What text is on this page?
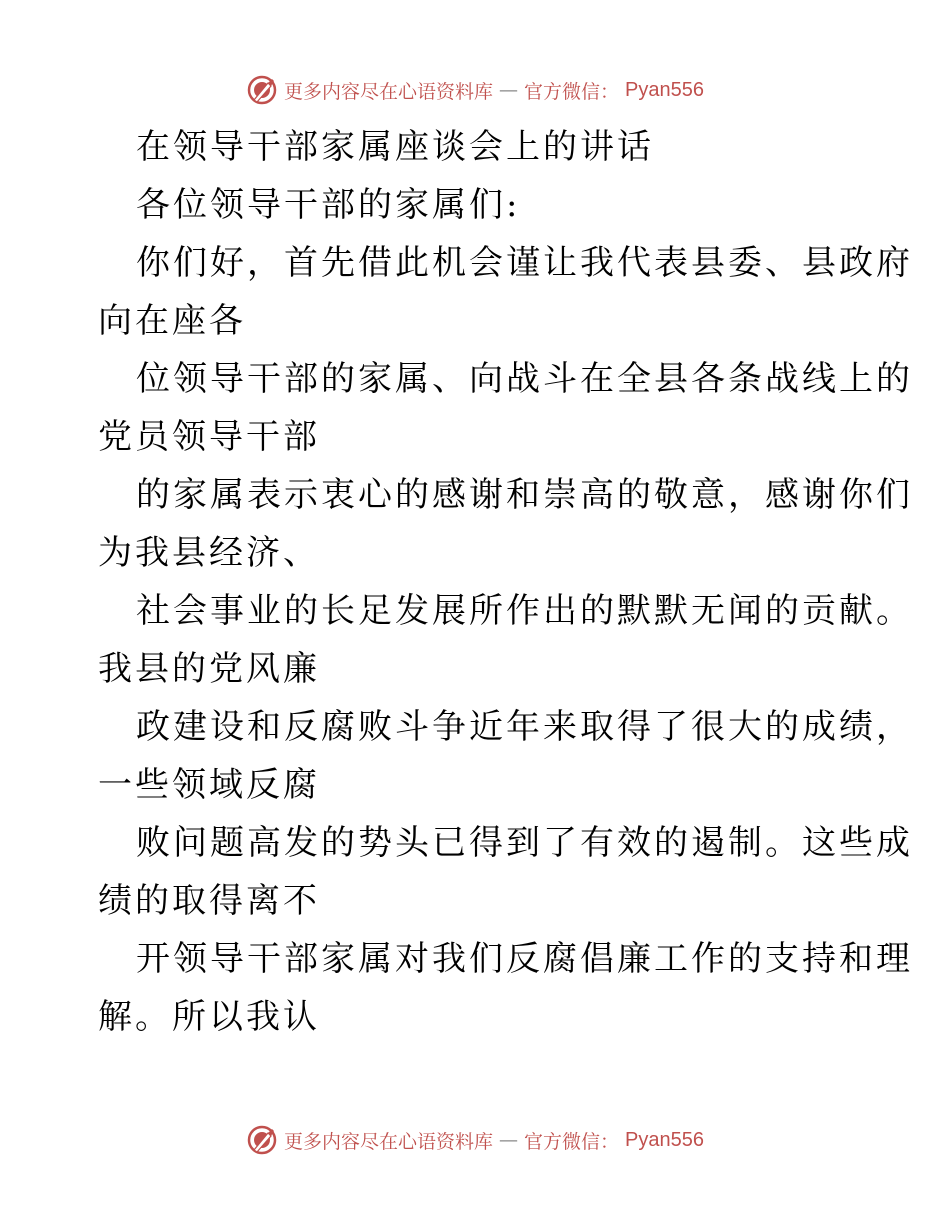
更多内容尽在心语资料库 — 官方微信： Pyan556
在领导干部家属座谈会上的讲话
各位领导干部的家属们:
你们好，首先借此机会谨让我代表县委、县政府
向在座各
位领导干部的家属、向战斗在全县各条战线上的
党员领导干部
的家属表示衷心的感谢和崇高的敬意，感谢你们
为我县经济、
社会事业的长足发展所作出的默默无闻的贡献。
我县的党风廉
政建设和反腐败斗争近年来取得了很大的成绩，
一些领域反腐
败问题高发的势头已得到了有效的遏制。这些成
绩的取得离不
开领导干部家属对我们反腐倡廉工作的支持和理
解。所以我认
更多内容尽在心语资料库 — 官方微信： Pyan556
